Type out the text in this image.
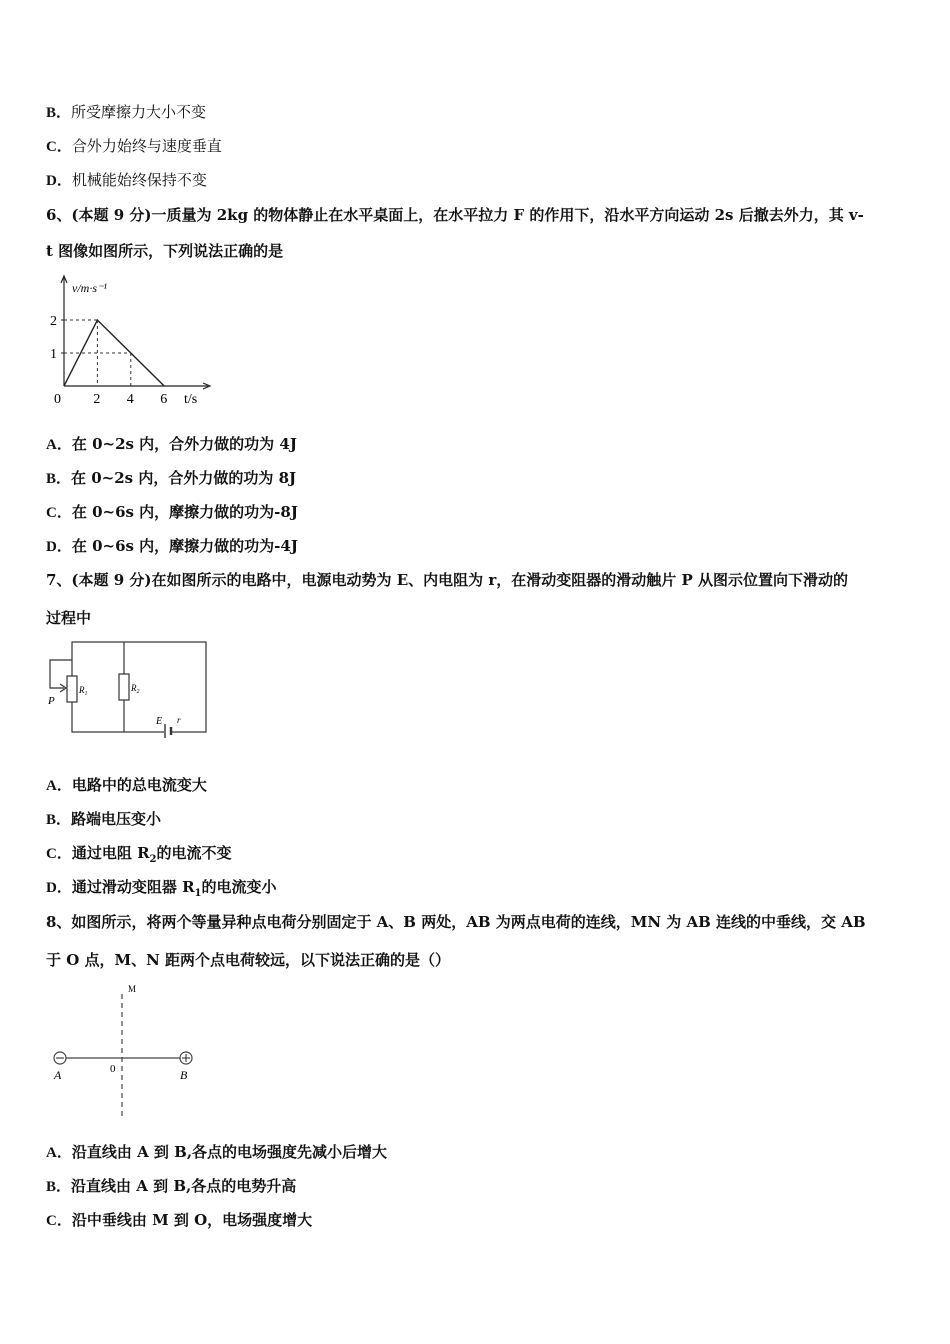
B．所受摩擦力大小不变
C．合外力始终与速度垂直
D．机械能始终保持不变
6、(本题 9 分)一质量为 2kg 的物体静止在水平桌面上，在水平拉力 F 的作用下，沿水平方向运动 2s 后撤去外力，其 v-
t 图像如图所示，下列说法正确的是
0 2 4 6
1
2
t/s
v/m·s⁻¹
A．在 0~2s 内，合外力做的功为 4J
B．在 0~2s 内，合外力做的功为 8J
C．在 0~6s 内，摩擦力做的功为-8J
D．在 0~6s 内，摩擦力做的功为-4J
7、(本题 9 分)在如图所示的电路中，电源电动势为 E、内电阻为 r，在滑动变阻器的滑动触片 P 从图示位置向下滑动的
过程中
P
$R_1$
$R_2$
E r
A．电路中的总电流变大
B．路端电压变小
C．通过电阻 $R_2$的电流不变
D．通过滑动变阻器 $R_1$的电流变小
8、如图所示，将两个等量异种点电荷分别固定于 A、B 两处，AB 为两点电荷的连线，MN 为 AB 连线的中垂线，交 AB
于 O 点，M、N 距两个点电荷较远，以下说法正确的是（）
M
A	0	B
A．沿直线由 A 到 B,各点的电场强度先减小后增大
B．沿直线由 A 到 B,各点的电势升高
C．沿中垂线由 M 到 O，电场强度增大
